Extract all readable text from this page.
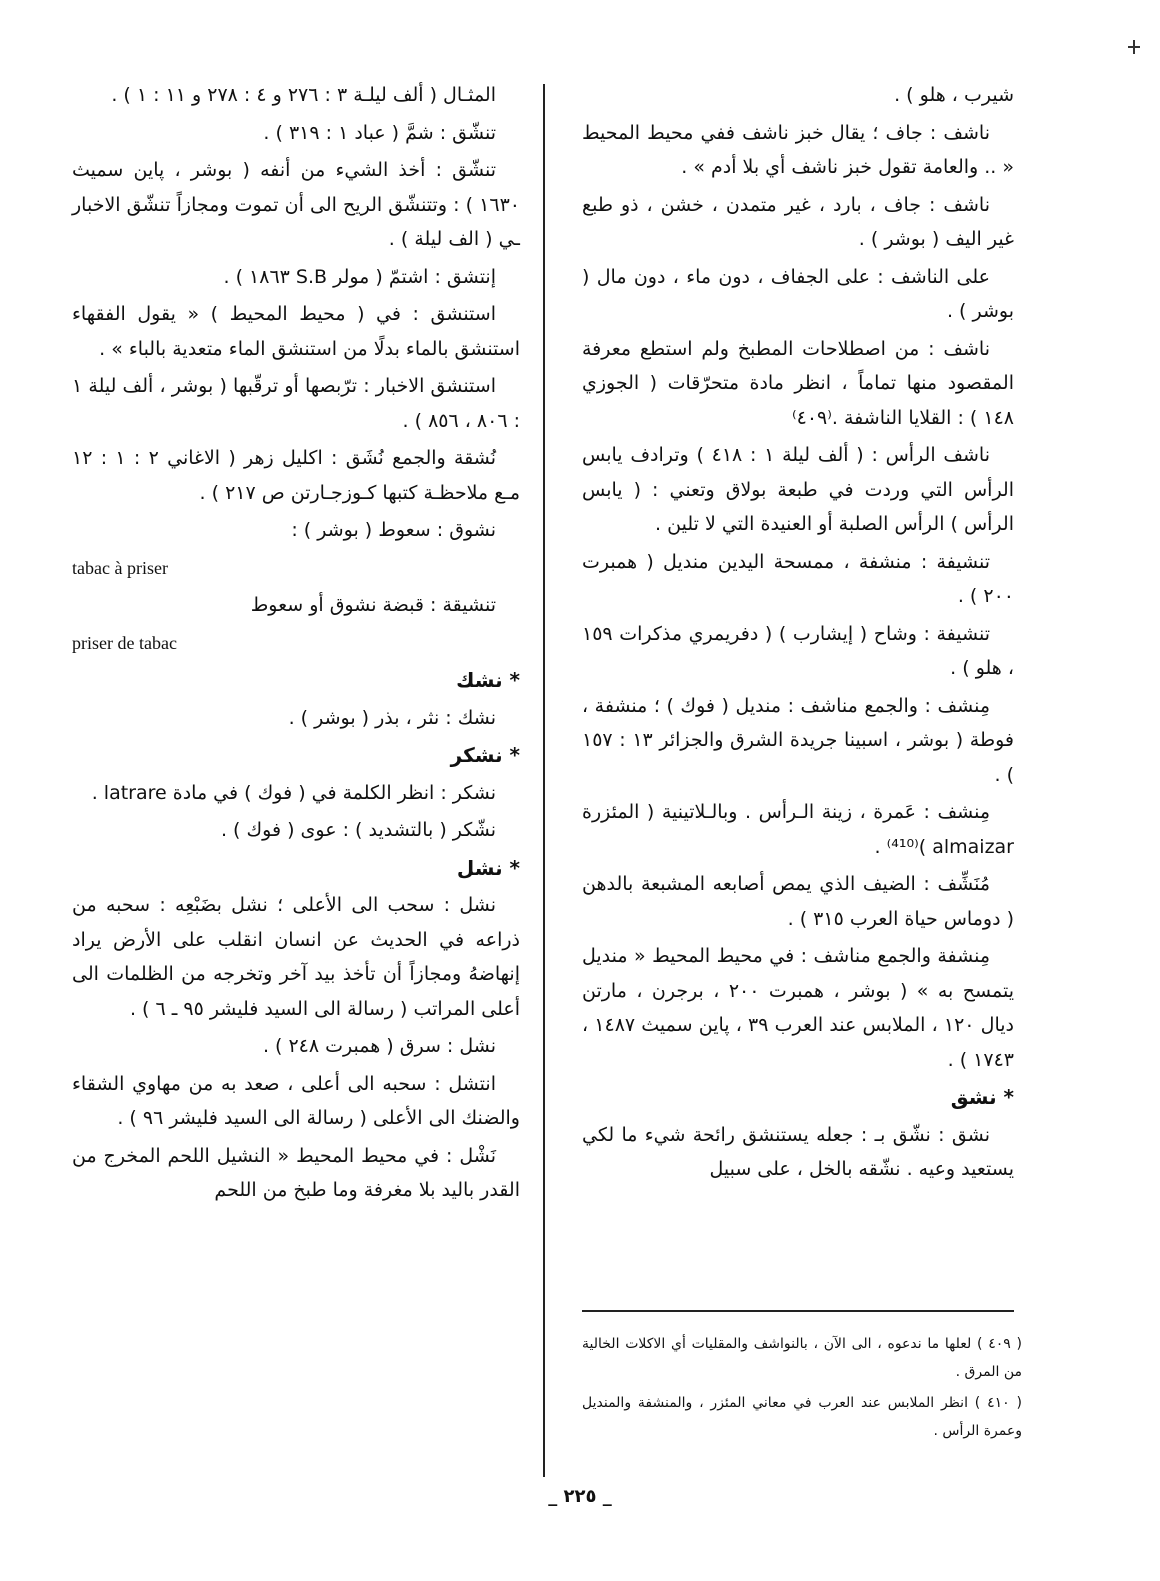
شيرب ، هلو ) .

ناشف : جاف ؛ يقال خبز ناشف ففي محيط المحيط « .. والعامة تقول خبز ناشف أي بلا أدم » .

ناشف : جاف ، بارد ، غير متمدن ، خشن ، ذو طبع غير اليف ( بوشر ) .

على الناشف : على الجفاف ، دون ماء ، دون مال ( بوشر ) .

ناشف : من اصطلاحات المطبخ ولم استطع معرفة المقصود منها تماماً ، انظر مادة متحرّقات ( الجوزي ١٤٨ ) : القلايا الناشفة .⁽٤٠٩⁾

ناشف الرأس : ( ألف ليلة ١ : ٤١٨ ) وترادف يابس الرأس التي وردت في طبعة بولاق وتعني : ( يابس الرأس ) الرأس الصلبة أو العنيدة التي لا تلين .

تنشيفة : منشفة ، ممسحة اليدين منديل ( همبرت ٢٠٠ ) .

تنشيفة : وشاح ( إيشارب ) ( دفريمري مذكرات ١٥٩ ، هلو ) .

مِنشف : والجمع مناشف : منديل ( فوك ) ؛ منشفة ، فوطة ( بوشر ، اسبينا جريدة الشرق والجزائر ١٣ : ١٥٧ ) .

مِنشف : عَمرة ، زينة الـرأس . وبالـلاتينية ( المئزرة almaizar )⁽⁴¹⁰⁾ .

مُنَشِّف : الضيف الذي يمص أصابعه المشبعة بالدهن ( دوماس حياة العرب ٣١٥ ) .

مِنشفة والجمع مناشف : في محيط المحيط « منديل يتمسح به » ( بوشر ، همبرت ٢٠٠ ، برجرن ، مارتن ديال ١٢٠ ، الملابس عند العرب ٣٩ ، پاين سميث ١٤٨٧ ، ١٧٤٣ ) .

* نشق

نشق : نشّق بـ : جعله يستنشق رائحة شيء ما لكي يستعيد وعيه . نشّقه بالخل ، على سبيل

المثـال ( ألف ليلـة ٣ : ٢٧٦ و ٤ : ٢٧٨ و ١١ : ١ ) .

تنشّق : شمَّ ( عباد ١ : ٣١٩ ) .

تنشّق : أخذ الشيء من أنفه ( بوشر ، پاين سميث ١٦٣٠ ) : وتتنشّق الريح الى أن تموت ومجازاً تنشّق الاخبار ـي ( الف ليلة ) .

إنتشق : اشتمّ ( مولر S.B ١٨٦٣ ) .

استنشق : في ( محيط المحيط ) « يقول الفقهاء استنشق بالماء بدلًا من استنشق الماء متعدية بالباء » .

استنشق الاخبار : ترّبصها أو ترقّبها ( بوشر ، ألف ليلة ١ : ٨٠٦ ، ٨٥٦ ) .

نُشقة والجمع نُشَق : اكليل زهر ( الاغاني ٢ : ١ : ١٢ مـع ملاحظـة كتبها كـوزجـارتن ص ٢١٧ ) .

نشوق : سعوط ( بوشر ) :

tabac à priser

تنشيقة : قبضة نشوق أو سعوط

priser de tabac

* نشك

نشك : نثر ، بذر ( بوشر ) .

* نشكر

نشكر : انظر الكلمة في ( فوك ) في مادة latrare .

نشّكر ( بالتشديد ) : عوى ( فوك ) .

* نشل

نشل : سحب الى الأعلى ؛ نشل بضَبْعِه : سحبه من ذراعه في الحديث عن انسان انقلب على الأرض يراد إنهاضهُ ومجازاً أن تأخذ بيد آخر وتخرجه من الظلمات الى أعلى المراتب ( رسالة الى السيد فليشر ٩٥ ـ ٦ ) .

نشل : سرق ( همبرت ٢٤٨ ) .

انتشل : سحبه الى أعلى ، صعد به من مهاوي الشقاء والضنك الى الأعلى ( رسالة الى السيد فليشر ٩٦ ) .

نَشْل : في محيط المحيط « النشيل اللحم المخرج من القدر باليد بلا مغرفة وما طبخ من اللحم

( ٤٠٩ ) لعلها ما ندعوه ، الى الآن ، بالنواشف والمقليات أي الاكلات الخالية من المرق .

( ٤١٠ ) انظر الملابس عند العرب في معاني المئزر ، والمنشفة والمنديل وعمرة الرأس .

_ ٢٢٥ _
